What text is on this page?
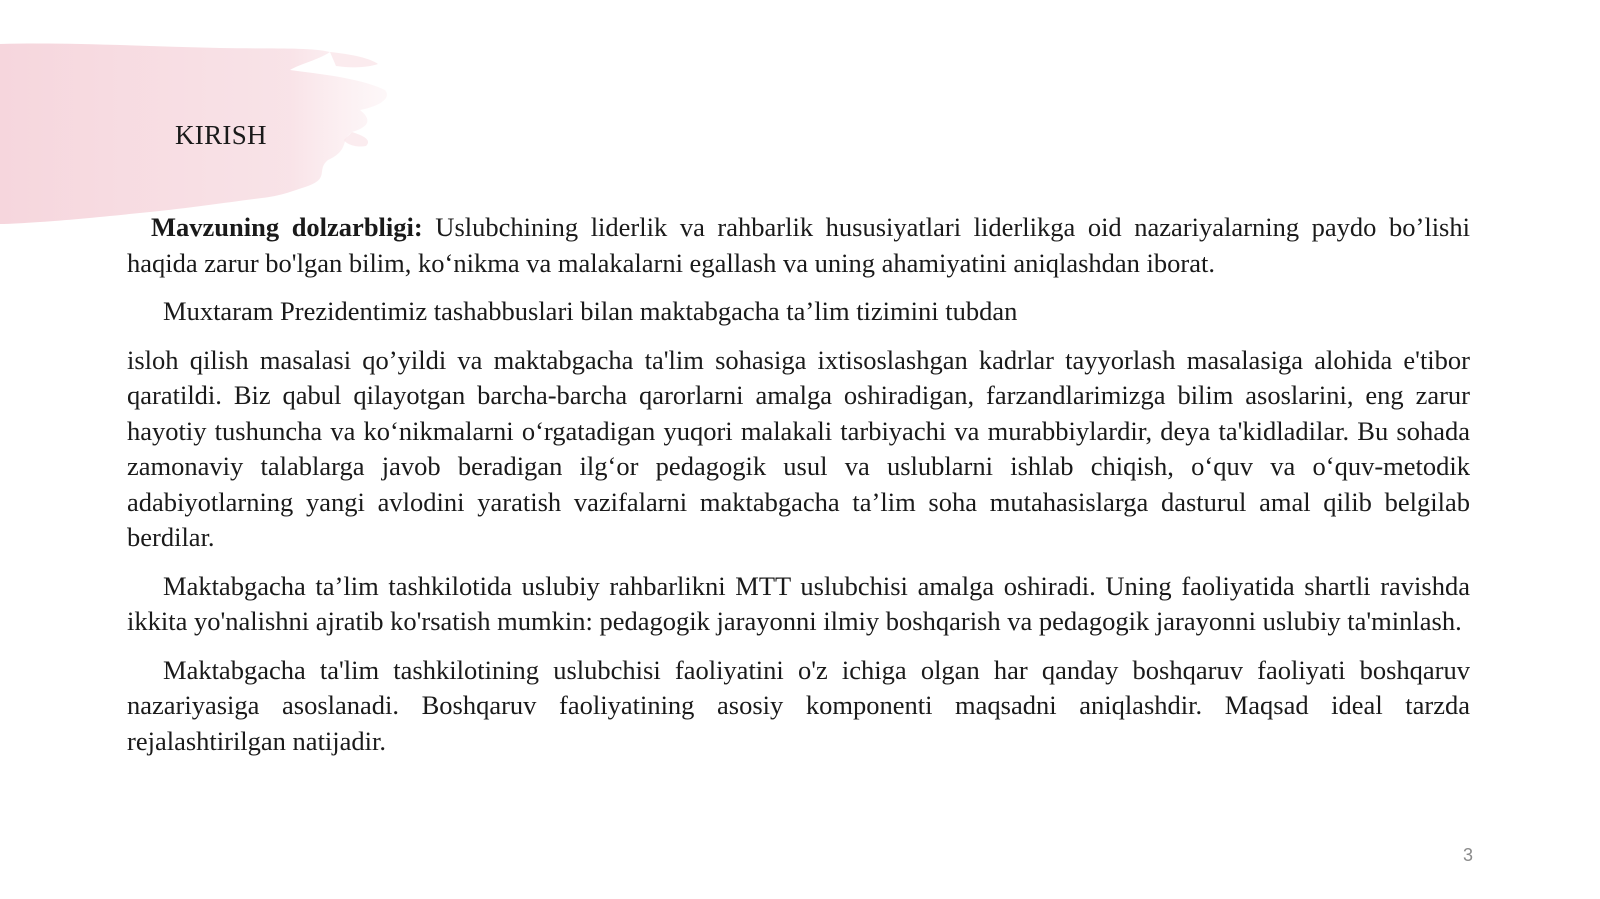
KIRISH

Mavzuning dolzarbligi: Uslubchining liderlik va rahbarlik hususiyatlari liderlikga oid nazariyalarning paydo bo’lishi haqida zarur bo'lgan bilim, koʻnikma va malakalarni egallash va uning ahamiyatini aniqlashdan iborat.

Muxtaram Prezidentimiz tashabbuslari bilan maktabgacha ta’lim tizimini tubdan

isloh qilish masalasi qo’yildi va maktabgacha ta'lim sohasiga ixtisoslashgan kadrlar tayyorlash masalasiga alohida e'tibor qaratildi. Biz qabul qilayotgan barcha-barcha qarorlarni amalga oshiradigan, farzandlarimizga bilim asoslarini, eng zarur hayotiy tushuncha va koʻnikmalarni oʻrgatadigan yuqori malakali tarbiyachi va murabbiylardir, deya ta'kidladilar. Bu sohada zamonaviy talablarga javob beradigan ilgʻor pedagogik usul va uslublarni ishlab chiqish, oʻquv va oʻquv-metodik adabiyotlarning yangi avlodini yaratish vazifalarni maktabgacha ta’lim soha mutahasislarga dasturul amal qilib belgilab berdilar.

Maktabgacha ta’lim tashkilotida uslubiy rahbarlikni MTT uslubchisi amalga oshiradi. Uning faoliyatida shartli ravishda ikkita yo'nalishni ajratib ko'rsatish mumkin: pedagogik jarayonni ilmiy boshqarish va pedagogik jarayonni uslubiy ta'minlash.

Maktabgacha ta'lim tashkilotining uslubchisi faoliyatini o'z ichiga olgan har qanday boshqaruv faoliyati boshqaruv nazariyasiga asoslanadi. Boshqaruv faoliyatining asosiy komponenti maqsadni aniqlashdir. Maqsad ideal tarzda rejalashtirilgan natijadir.

3
